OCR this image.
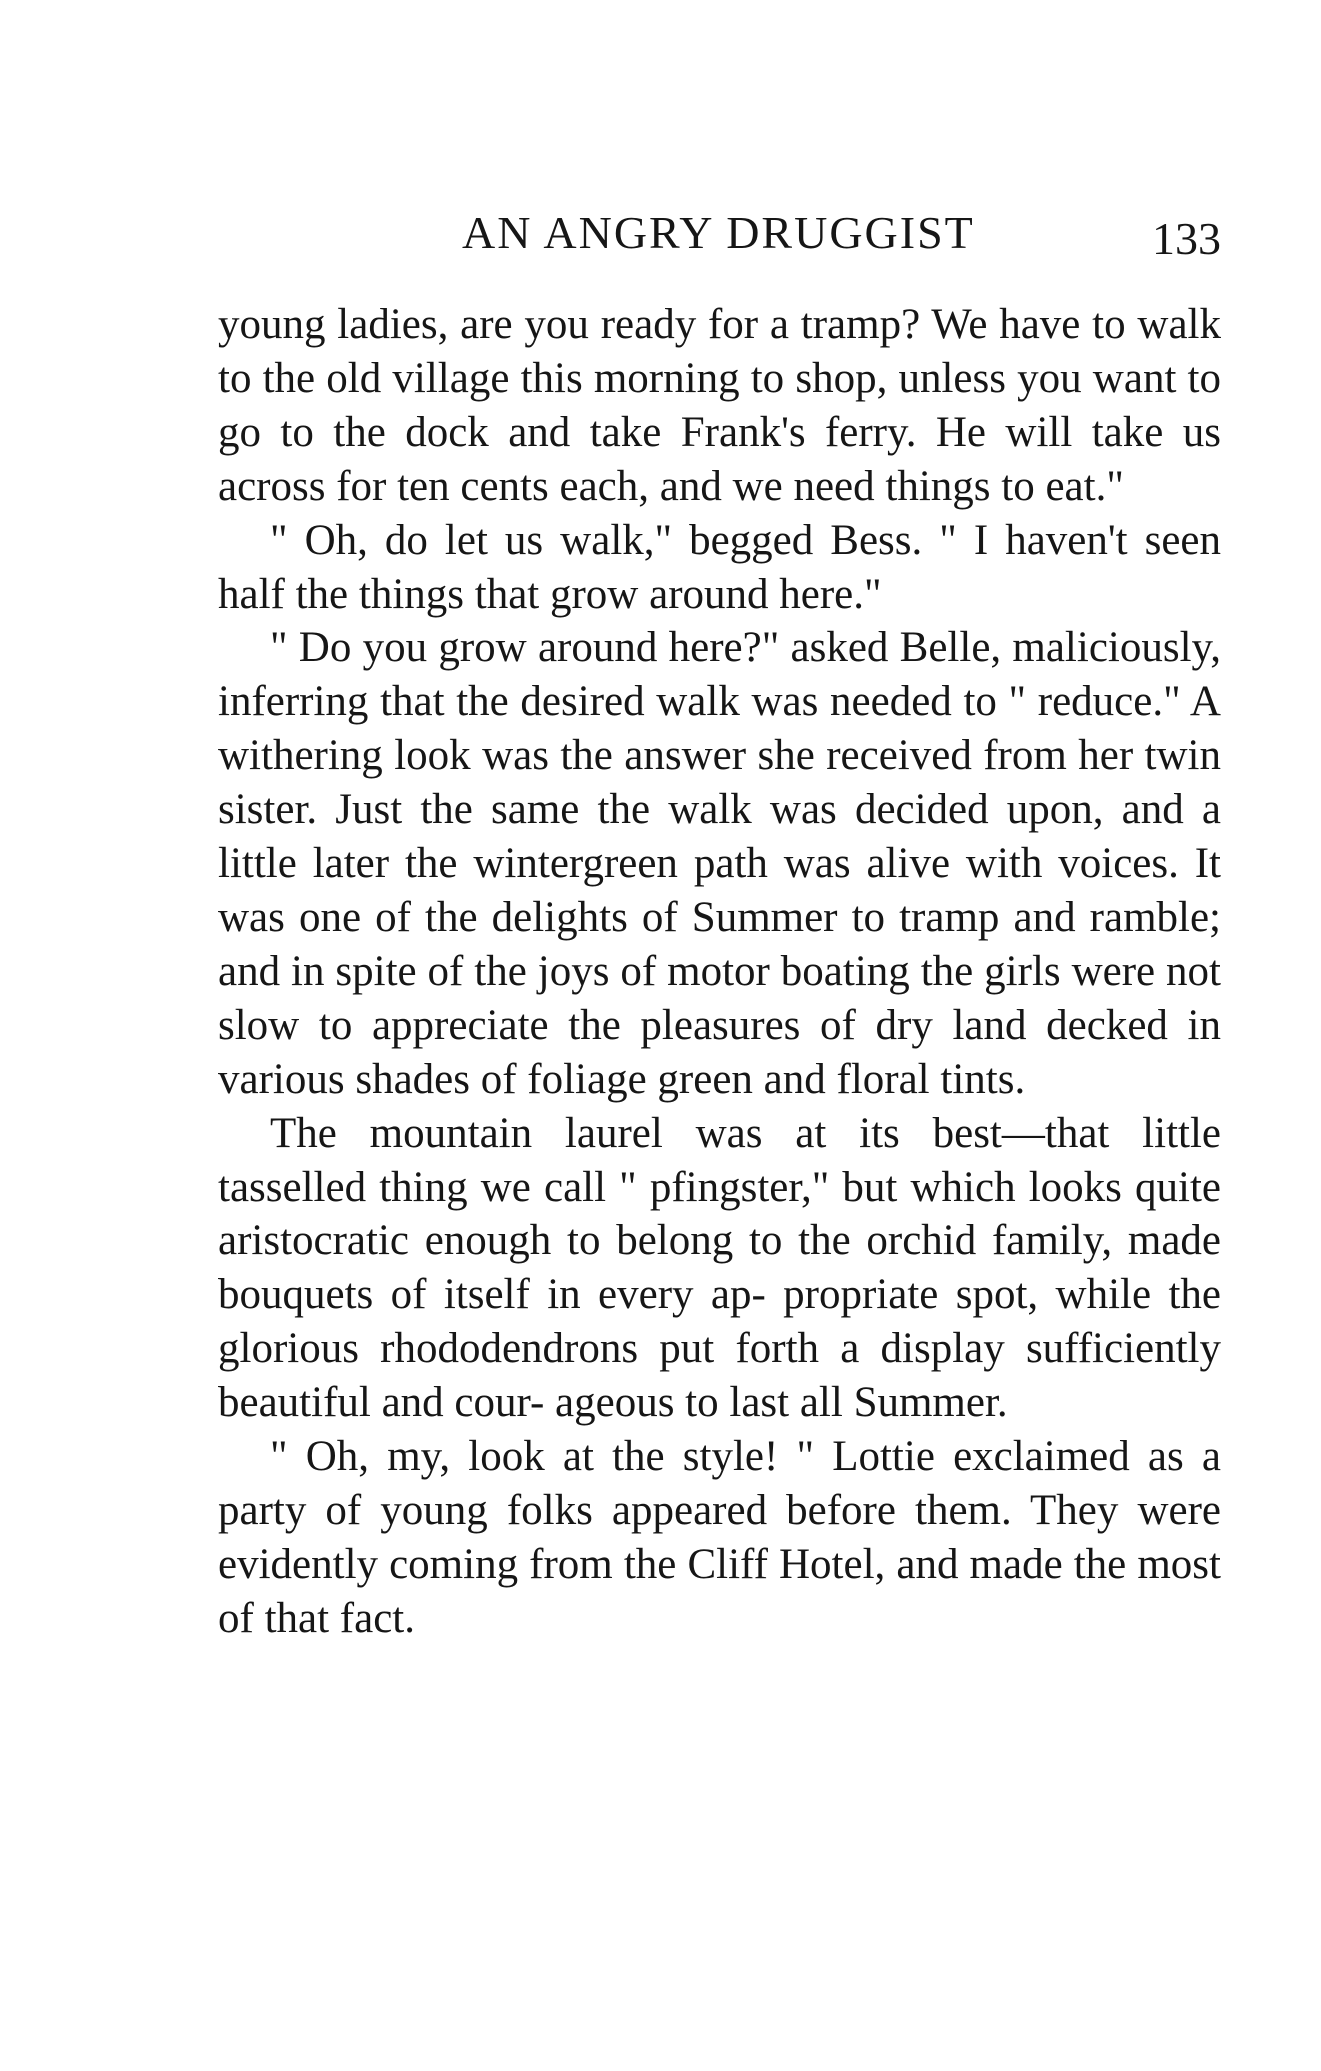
AN ANGRY DRUGGIST	133

young ladies, are you ready for a tramp? We have to walk to the old village this morning to shop, unless you want to go to the dock and take Frank's ferry. He will take us across for ten cents each, and we need things to eat."

" Oh, do let us walk," begged Bess. " I haven't seen half the things that grow around here."

" Do you grow around here?" asked Belle, maliciously, inferring that the desired walk was needed to " reduce." A withering look was the answer she received from her twin sister. Just the same the walk was decided upon, and a little later the wintergreen path was alive with voices. It was one of the delights of Summer to tramp and ramble; and in spite of the joys of motor boating the girls were not slow to appreciate the pleasures of dry land decked in various shades of foliage green and floral tints.

The mountain laurel was at its best—that little tasselled thing we call " pfingster," but which looks quite aristocratic enough to belong to the orchid family, made bouquets of itself in every ap- propriate spot, while the glorious rhododendrons put forth a display sufficiently beautiful and cour- ageous to last all Summer.

" Oh, my, look at the style! " Lottie exclaimed as a party of young folks appeared before them. They were evidently coming from the Cliff Hotel, and made the most of that fact.
